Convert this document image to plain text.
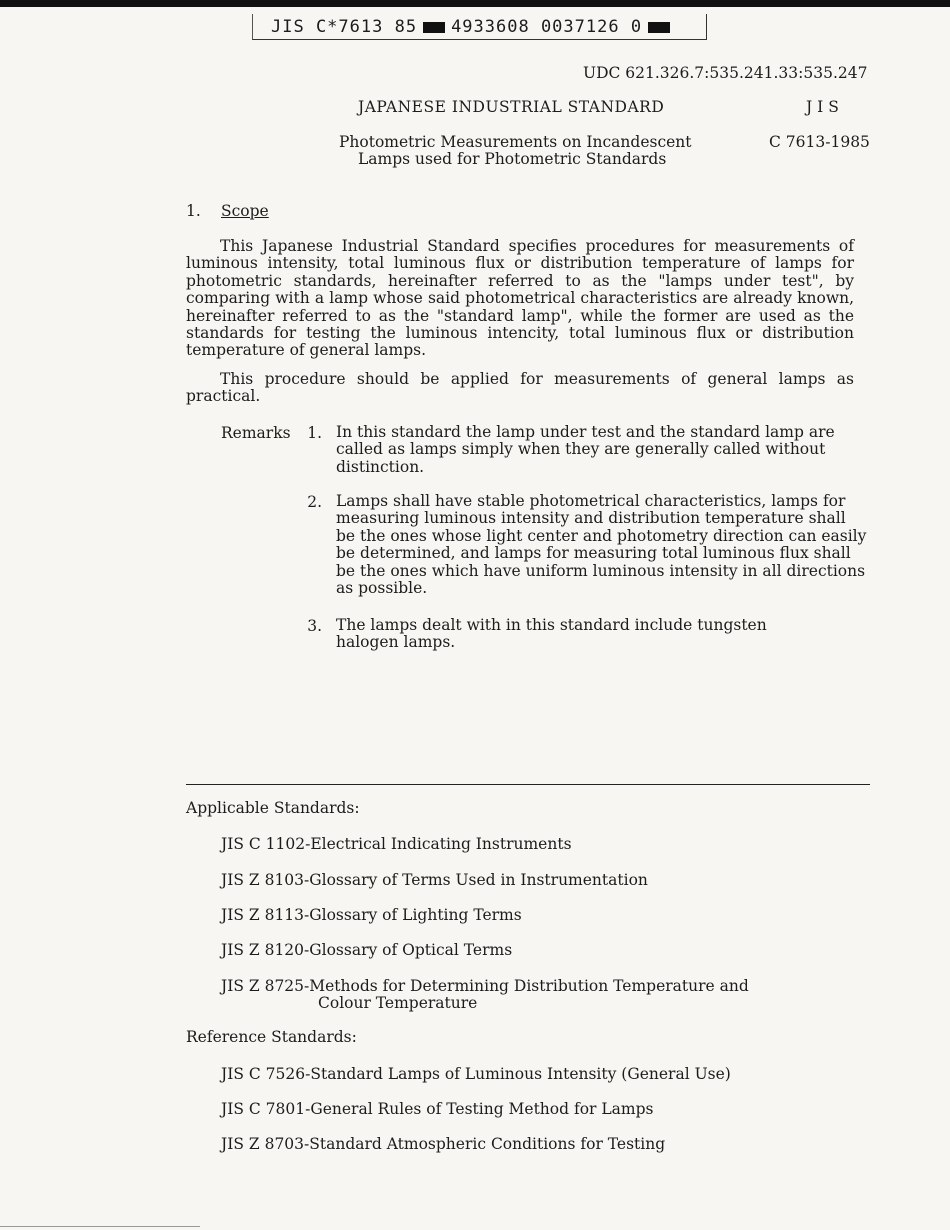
JIS C*7613 85 4933608 0037126 0
UDC 621.326.7:535.241.33:535.247
JAPANESE INDUSTRIAL STANDARD	J I S
Photometric Measurements on Incandescent
Lamps used for Photometric Standards
C 7613-1985
1. Scope

This Japanese Industrial Standard specifies procedures for measurements of luminous intensity, total luminous flux or distribution temperature of lamps for photometric standards, hereinafter referred to as the "lamps under test", by comparing with a lamp whose said photometrical characteristics are already known, hereinafter referred to as the "standard lamp", while the former are used as the standards for testing the luminous intencity, total luminous flux or distribution temperature of general lamps.

This procedure should be applied for measurements of general lamps as practical.

Remarks	1. In this standard the lamp under test and the standard lamp are called as lamps simply when they are generally called without distinction.

2. Lamps shall have stable photometrical characteristics, lamps for measuring luminous intensity and distribution temperature shall be the ones whose light center and photometry direction can easily be determined, and lamps for measuring total luminous flux shall be the ones which have uniform luminous intensity in all directions as possible.

3. The lamps dealt with in this standard include tungsten halogen lamps.

Applicable Standards:
JIS C 1102-Electrical Indicating Instruments
JIS Z 8103-Glossary of Terms Used in Instrumentation
JIS Z 8113-Glossary of Lighting Terms
JIS Z 8120-Glossary of Optical Terms
JIS Z 8725-Methods for Determining Distribution Temperature and
Colour Temperature
Reference Standards:
JIS C 7526-Standard Lamps of Luminous Intensity (General Use)
JIS C 7801-General Rules of Testing Method for Lamps
JIS Z 8703-Standard Atmospheric Conditions for Testing
